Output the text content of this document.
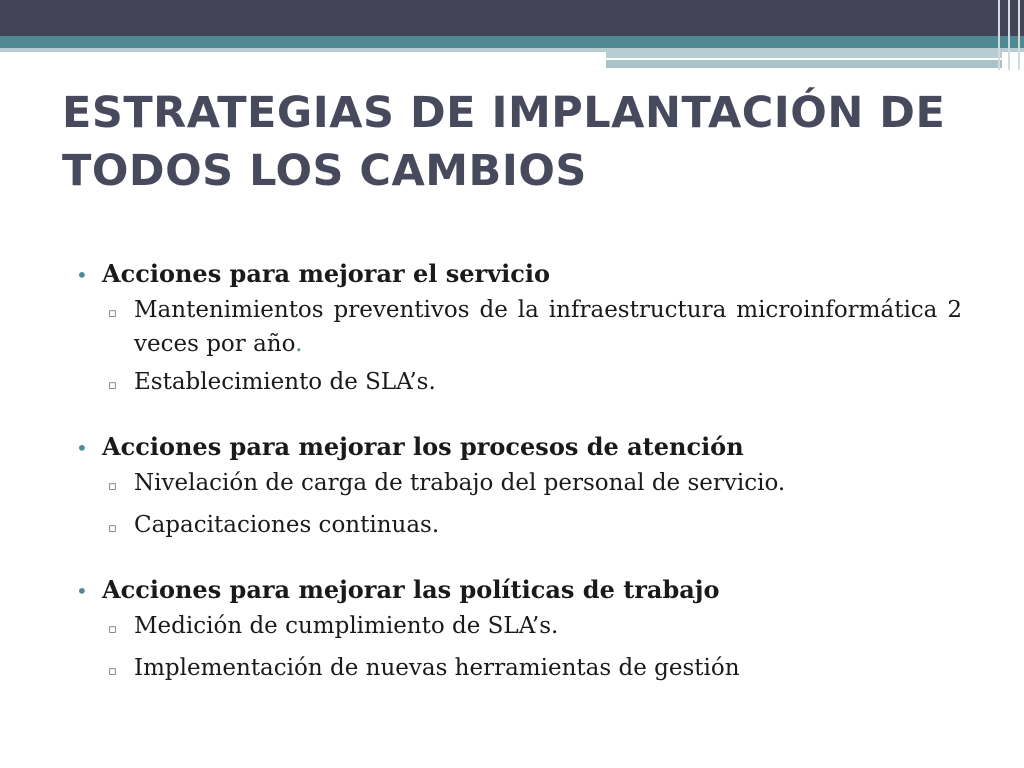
ESTRATEGIAS DE IMPLANTACIÓN DE
TODOS LOS CAMBIOS
• Acciones para mejorar el servicio
▫ Mantenimientos preventivos de la infraestructura microinformática 2 veces por año.
▫ Establecimiento de SLA’s.
• Acciones para mejorar los procesos de atención
▫ Nivelación de carga de trabajo del personal de servicio.
▫ Capacitaciones continuas.
• Acciones para mejorar las políticas de trabajo
▫ Medición de cumplimiento de SLA’s.
▫ Implementación de nuevas herramientas de gestión
